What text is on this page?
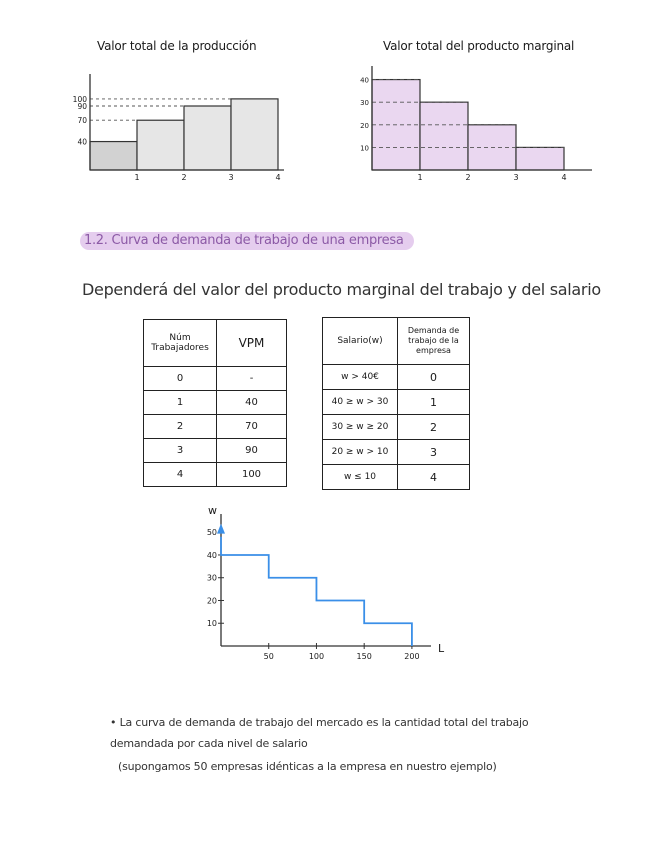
Valor total de la producción
40
70
90
100
1	2	3	4
Valor total del producto marginal
10
20
30
40
1	2	3	4
1.2. Curva de demanda de trabajo de una empresa
Dependerá del valor del producto marginal del trabajo y del salario
Núm Trabajadores	VPM
0	-
1	40
2	70
3	90
4	100
Salario(w)	Demanda de trabajo de la empresa
w > 40€	0
40 ≥ w > 30	1
30 ≥ w ≥ 20	2
20 ≥ w > 10	3
w ≤ 10	4
w
L
10
20
30
40
50
50	100	150	200
• La curva de demanda de trabajo del mercado es la cantidad total del trabajo demandada por cada nivel de salario
(supongamos 50 empresas idénticas a la empresa en nuestro ejemplo)
